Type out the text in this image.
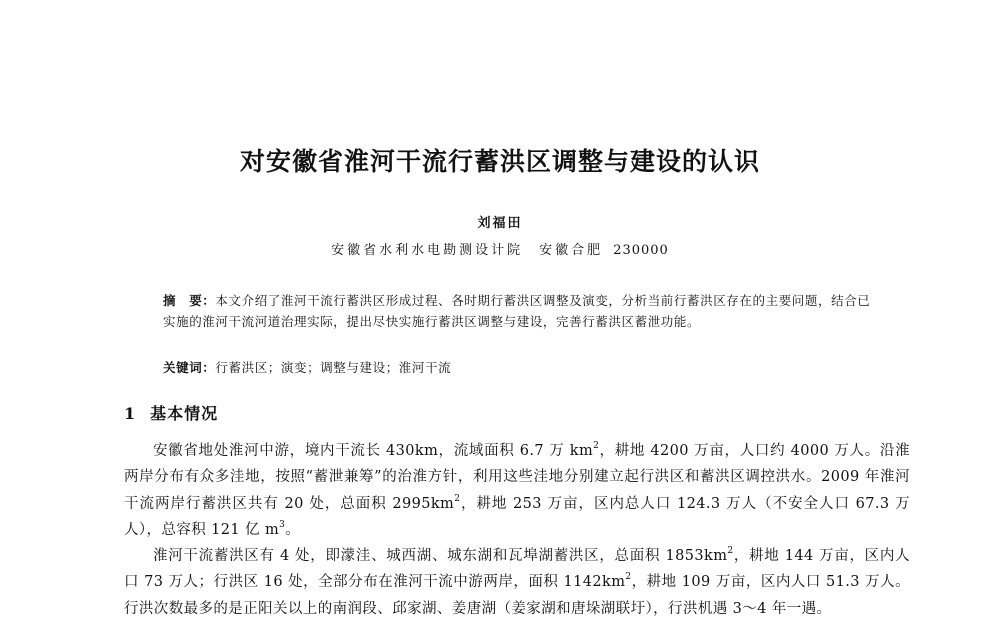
对安徽省淮河干流行蓄洪区调整与建设的认识
刘福田
安徽省水利水电勘测设计院　安徽合肥 230000
摘　要：本文介绍了淮河干流行蓄洪区形成过程、各时期行蓄洪区调整及演变，分析当前行蓄洪区存在的主要问题，结合已实施的淮河干流河道治理实际，提出尽快实施行蓄洪区调整与建设，完善行蓄洪区蓄泄功能。
关键词：行蓄洪区；演变；调整与建设；淮河干流
1 基本情况

安徽省地处淮河中游，境内干流长 430km，流域面积 6.7 万 $km^2$，耕地 4200 万亩，人口约 4000 万人。沿淮两岸分布有众多洼地，按照“蓄泄兼筹”的治淮方针，利用这些洼地分别建立起行洪区和蓄洪区调控洪水。2009 年淮河干流两岸行蓄洪区共有 20 处，总面积 $2995km^2$，耕地 253 万亩，区内总人口 124.3 万人（不安全人口 67.3 万人），总容积 121 亿 $m^3$。

淮河干流蓄洪区有 4 处，即濛洼、城西湖、城东湖和瓦埠湖蓄洪区，总面积 $1853km^2$，耕地 144 万亩，区内人口 73 万人；行洪区 16 处，全部分布在淮河干流中游两岸，面积 $1142km^2$，耕地 109 万亩，区内人口 51.3 万人。行洪次数最多的是正阳关以上的南润段、邱家湖、姜唐湖（姜家湖和唐垛湖联圩），行洪机遇 3～4 年一遇。
